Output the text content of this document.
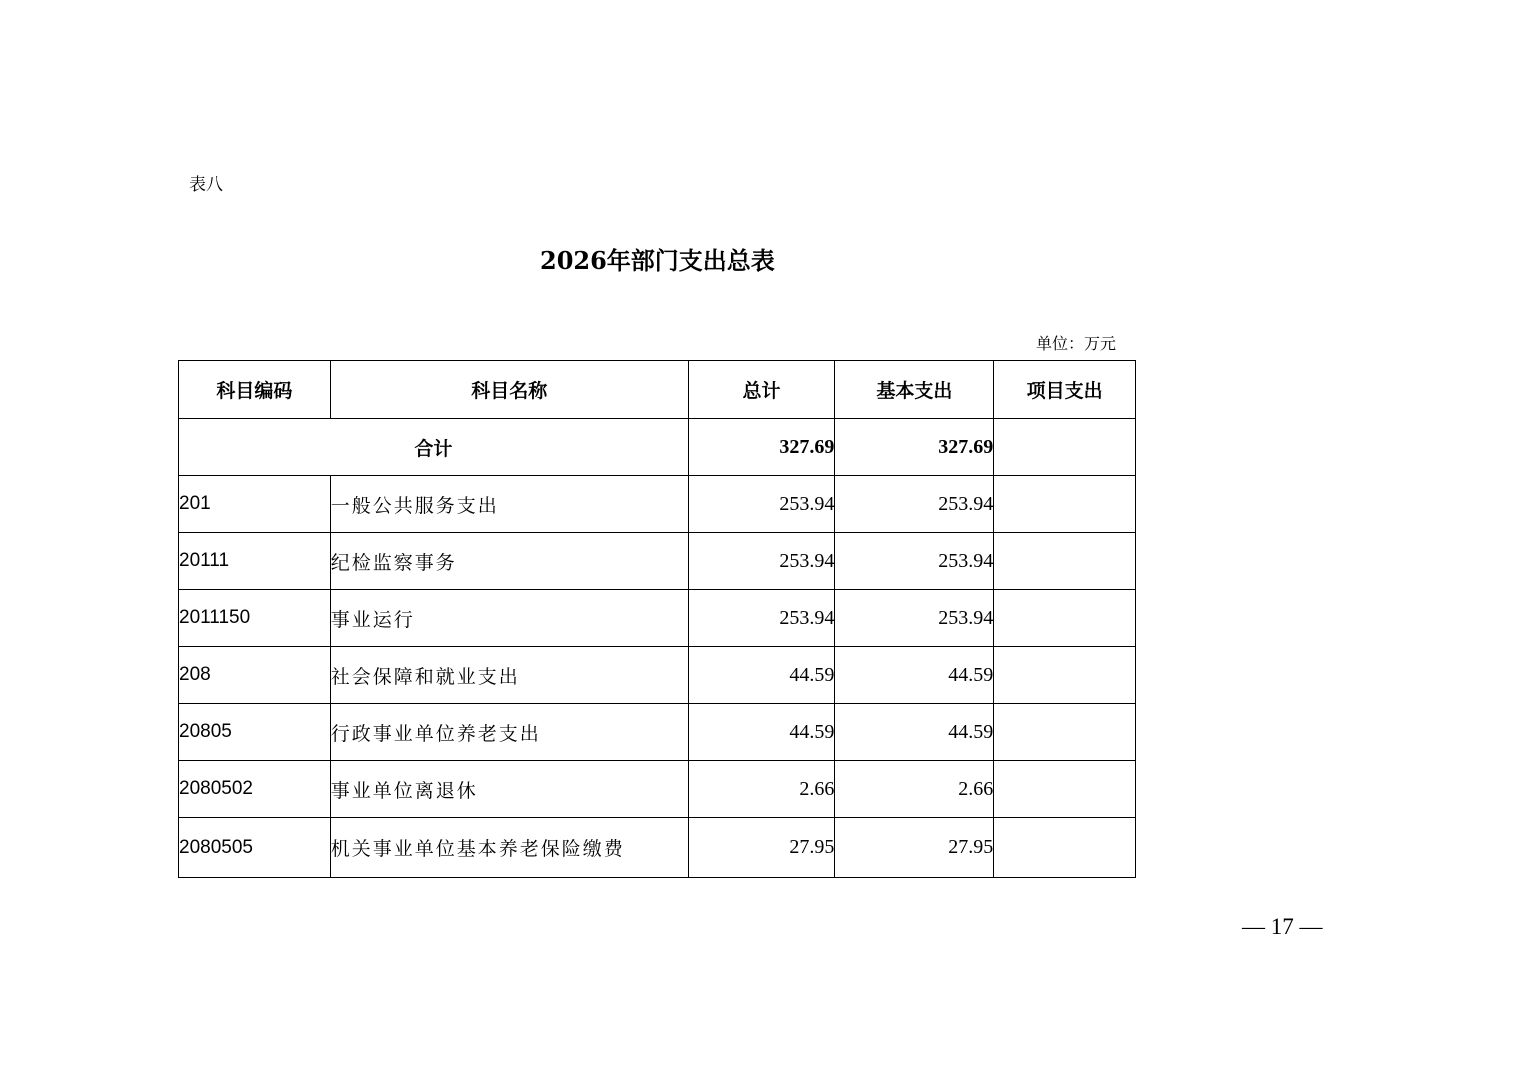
表八
2026年部门支出总表
单位：万元
科目编码	科目名称	总计	基本支出	项目支出
合计		327.69	327.69	
201	一般公共服务支出	253.94	253.94	
20111	纪检监察事务	253.94	253.94	
2011150	事业运行	253.94	253.94	
208	社会保障和就业支出	44.59	44.59	
20805	行政事业单位养老支出	44.59	44.59	
2080502	事业单位离退休	2.66	2.66	
2080505	机关事业单位基本养老保险缴费	27.95	27.95	
— 17 —
